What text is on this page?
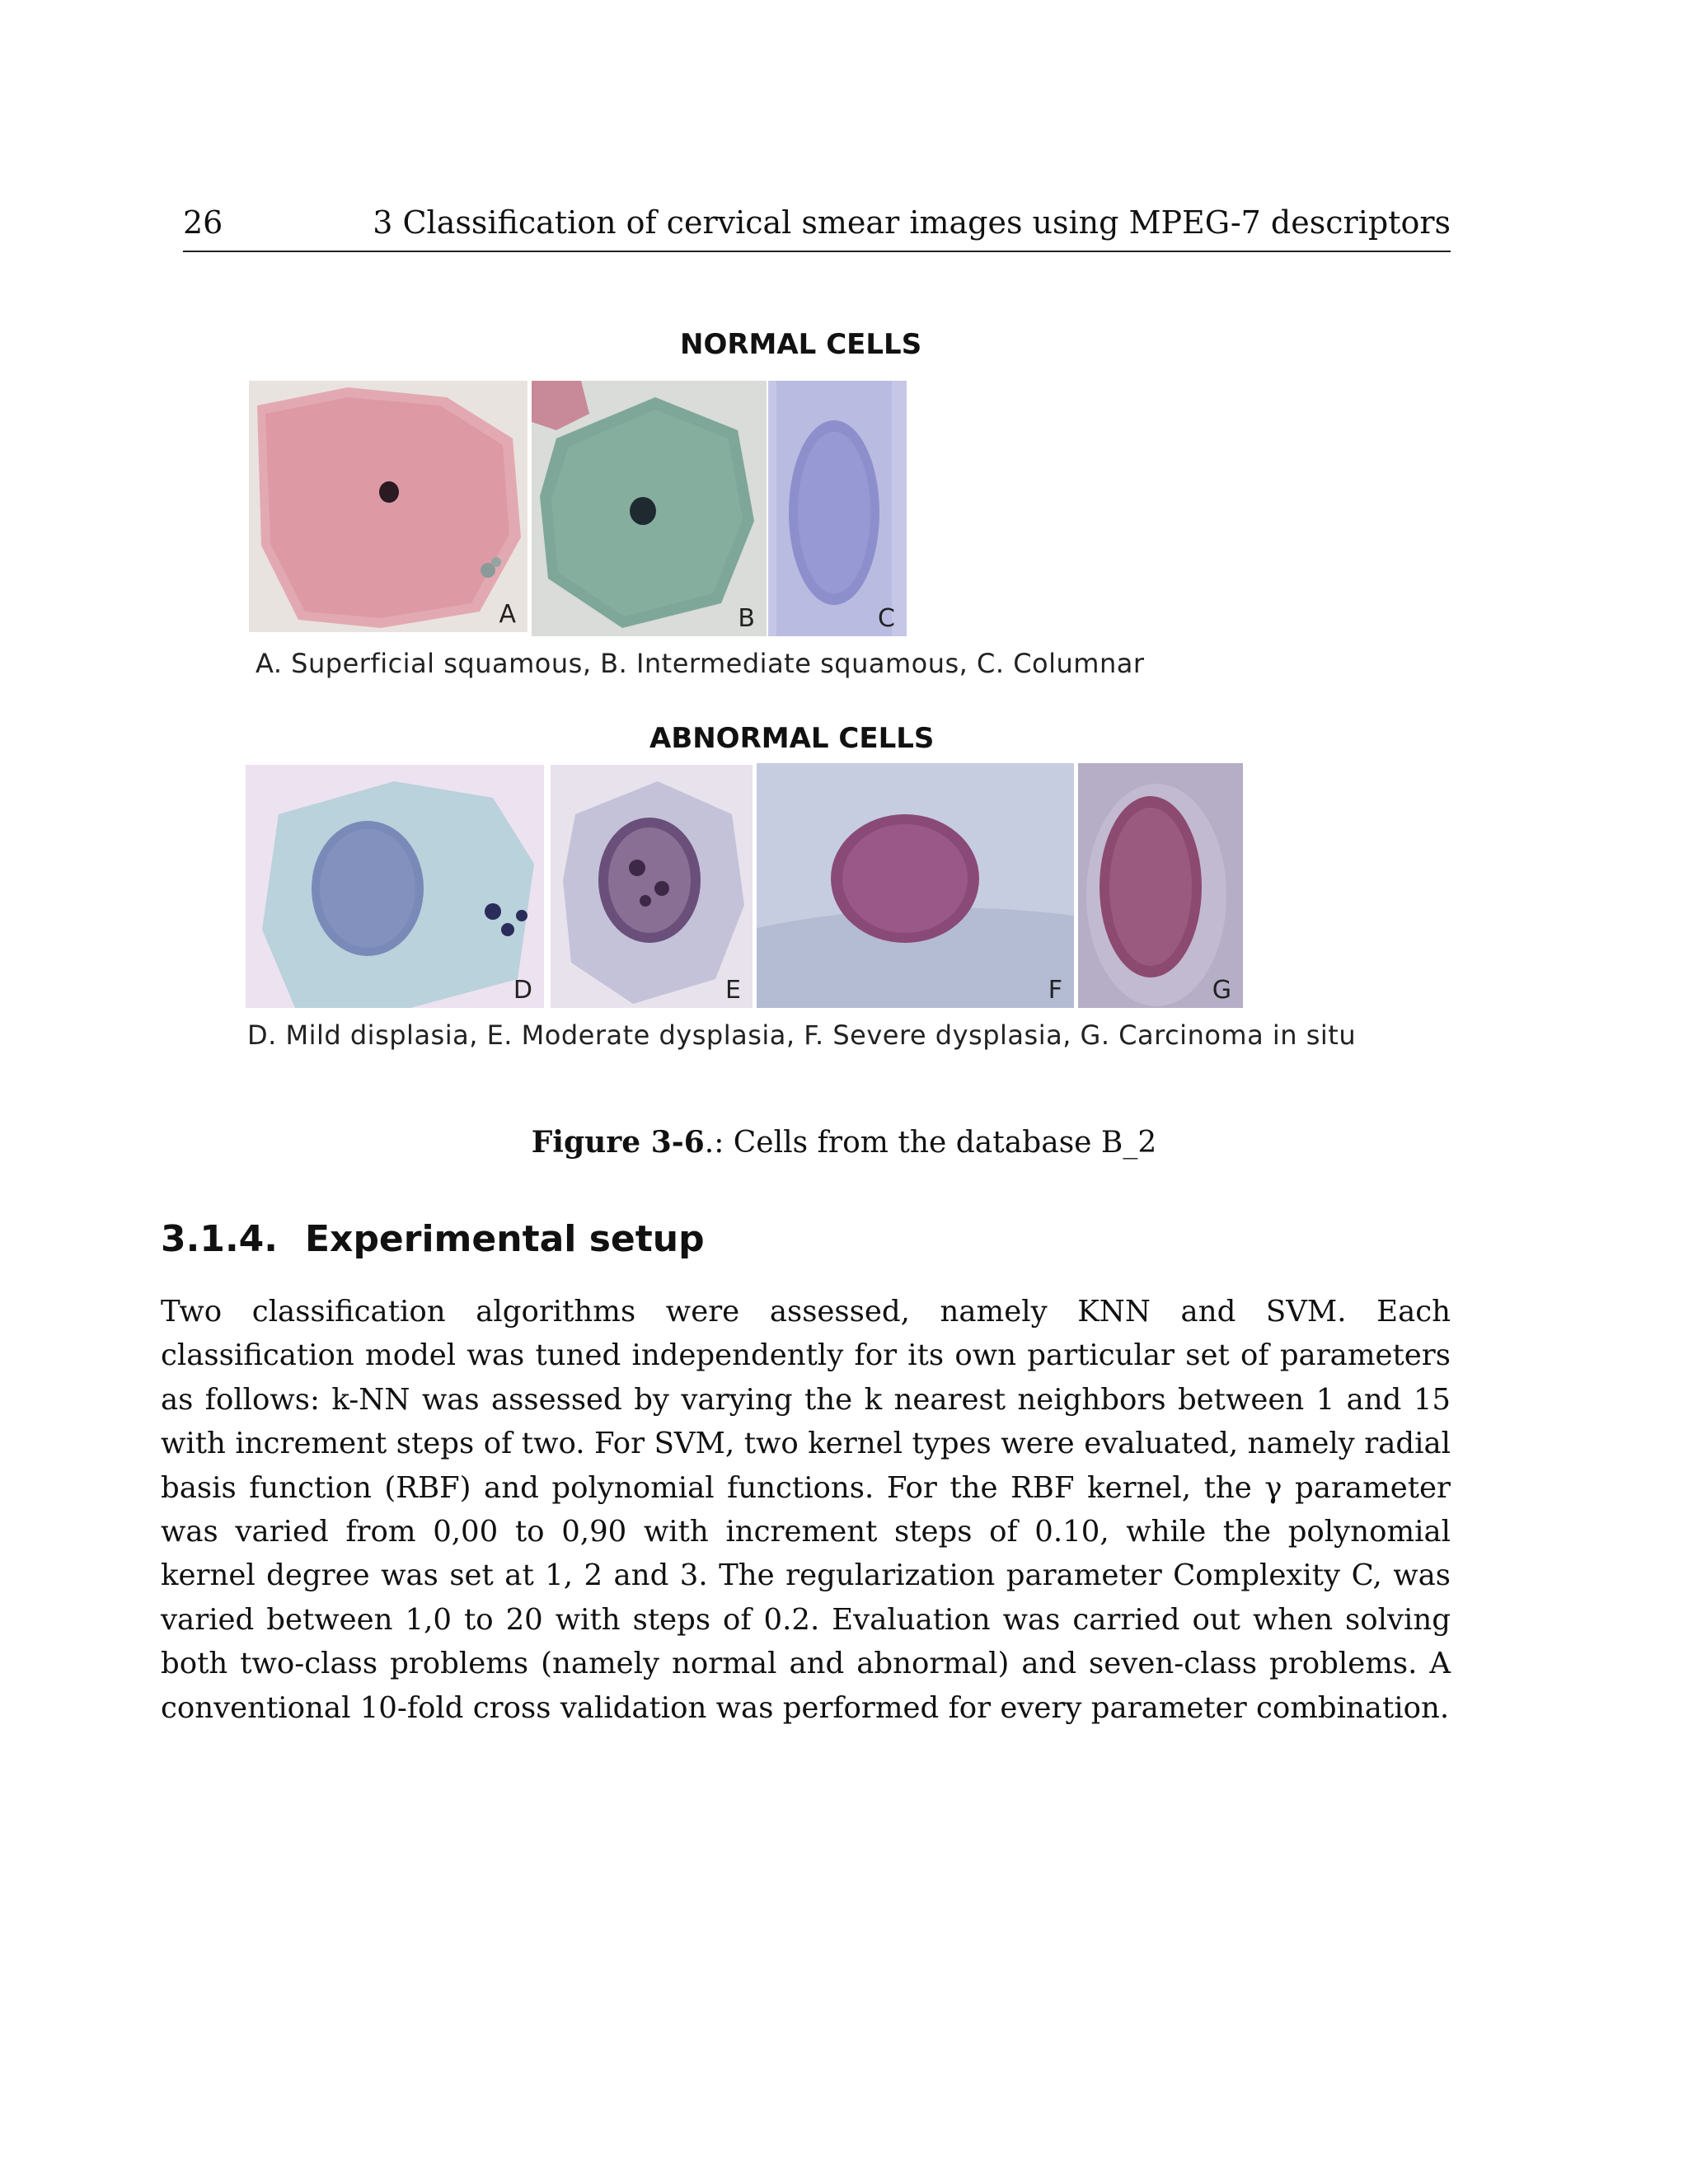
26	3 Classification of cervical smear images using MPEG-7 descriptors
NORMAL CELLS
A	B	C
A. Superficial squamous, B. Intermediate squamous, C. Columnar
ABNORMAL CELLS
D	E	F	G
D. Mild displasia, E. Moderate dysplasia, F. Severe dysplasia, G. Carcinoma in situ
Figure 3-6.: Cells from the database B_2
3.1.4. Experimental setup
Two classification algorithms were assessed, namely KNN and SVM. Each classification model was tuned independently for its own particular set of parameters as follows: k-NN was assessed by varying the k nearest neighbors between 1 and 15 with increment steps of two. For SVM, two kernel types were evaluated, namely radial basis function (RBF) and polynomial functions. For the RBF kernel, the γ parameter was varied from 0,00 to 0,90 with increment steps of 0.10, while the polynomial kernel degree was set at 1, 2 and 3. The regularization parameter Complexity C, was varied between 1,0 to 20 with steps of 0.2. Evaluation was carried out when solving both two-class problems (namely normal and abnormal) and seven-class problems. A conventional 10-fold cross validation was performed for every parameter combination.
